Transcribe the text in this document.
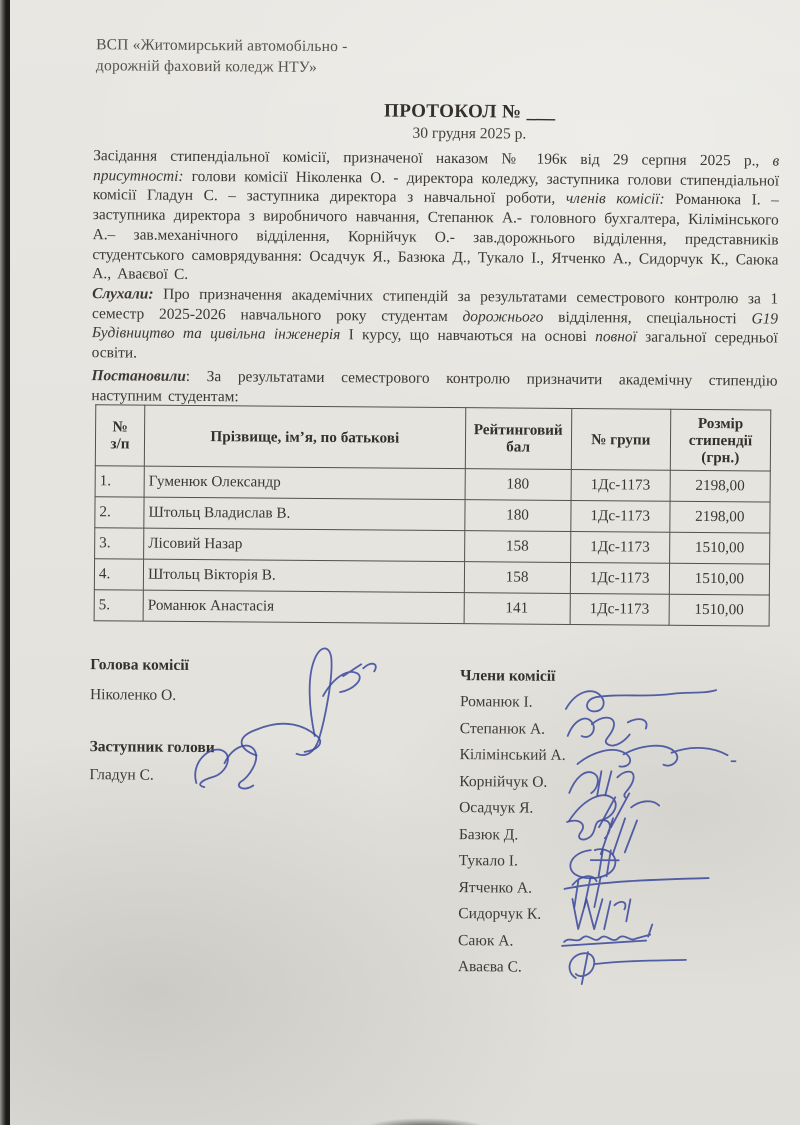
ВСП «Житомирський автомобільно -
дорожній фаховий коледж НТУ»
ПРОТОКОЛ № ___
30 грудня 2025 р.
Засідання стипендіальної комісії, призначеної наказом № 196к від 29 серпня 2025 р., в присутності: голови комісії Ніколенка О. - директора коледжу, заступника голови стипендіальної комісії Гладун С. – заступника директора з навчальної роботи, членів комісії: Романюка І. – заступника директора з виробничого навчання, Степанюк А.- головного бухгалтера, Кілімінського А.– зав.механічного відділення, Корнійчук О.- зав.дорожнього відділення, представників студентського самоврядування: Осадчук Я., Базюка Д., Тукало І., Ятченко А., Сидорчук К., Саюка А., Аваєвої С.
Слухали: Про призначення академічних стипендій за результатами семестрового контролю за 1 семестр 2025-2026 навчального року студентам дорожнього відділення, спеціальності G19 Будівництво та цивільна інженерія І курсу, що навчаються на основі повної загальної середньої освіти.
Постановили: За результатами семестрового контролю призначити академічну стипендію наступним студентам:
№ з/п	Прізвище, ім’я, по батькові	Рейтинговий бал	№ групи	Розмір стипендії (грн.)
1.	Гуменюк Олександр	180	1Дс-1173	2198,00
2.	Штольц Владислав В.	180	1Дс-1173	2198,00
3.	Лісовий Назар	158	1Дс-1173	1510,00
4.	Штольц Вікторія В.	158	1Дс-1173	1510,00
5.	Романюк Анастасія	141	1Дс-1173	1510,00
Голова комісії
Ніколенко О.
Заступник голови
Гладун С.
Члени комісії
Романюк І.
Степанюк А.
Кілімінський А.
Корнійчук О.
Осадчук Я.
Базюк Д.
Тукало І.
Ятченко А.
Сидорчук К.
Саюк А.
Аваєва С.
